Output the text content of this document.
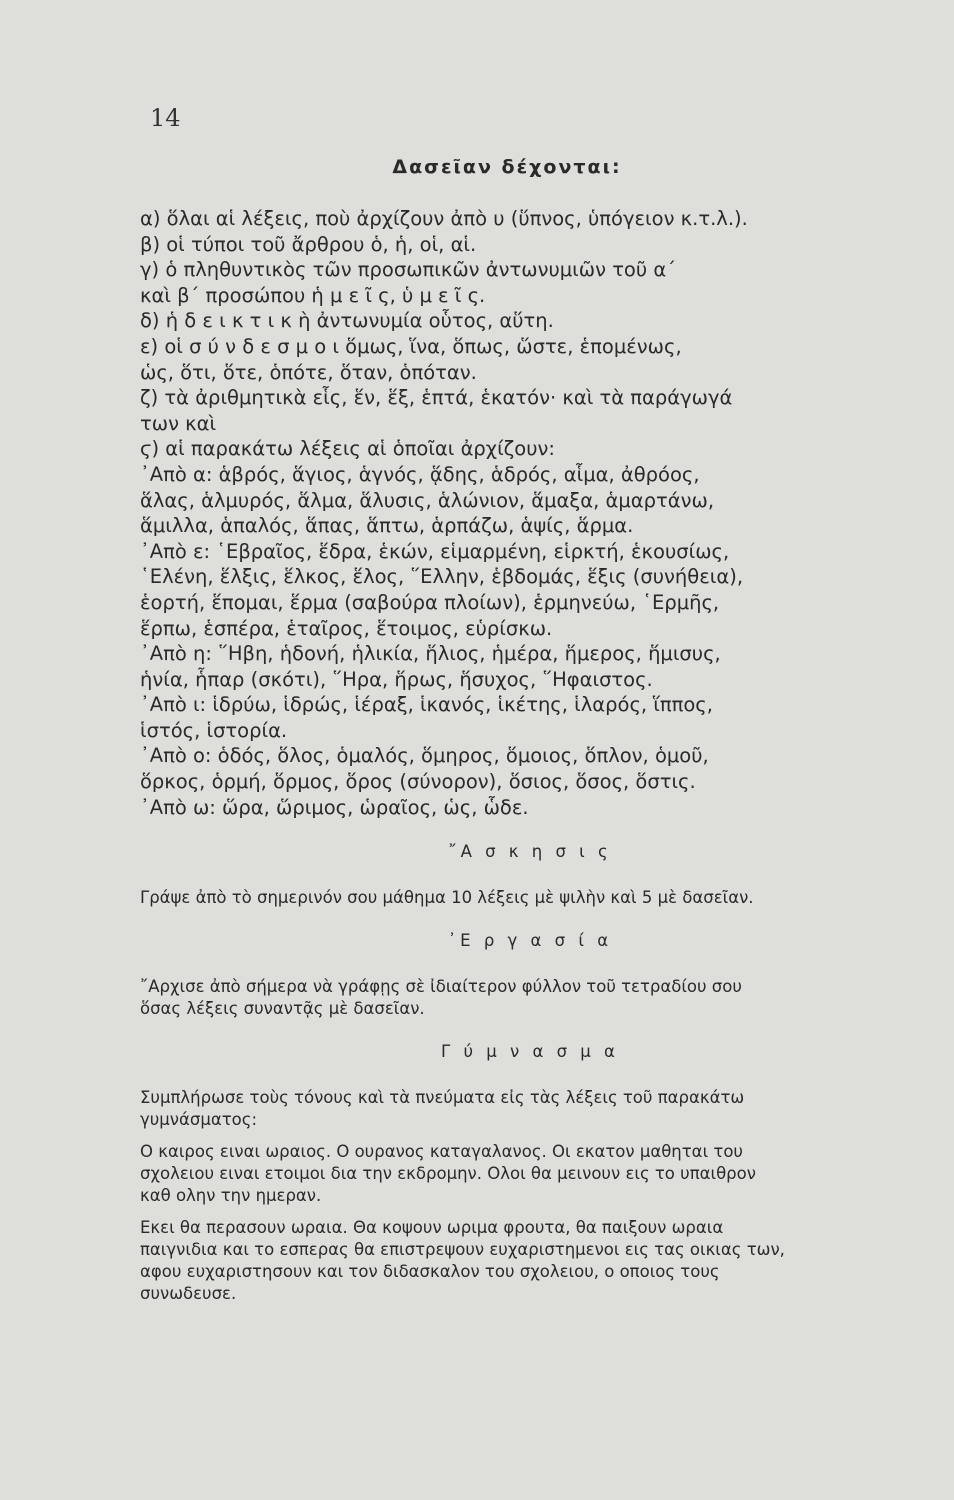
14
Δασεῖαν δέχονται:
α) ὅλαι αἱ λέξεις, ποὺ ἀρχίζουν ἀπὸ υ (ὕπνος, ὑπόγειον κ.τ.λ.).
β) οἱ τύποι τοῦ ἄρθρου ὁ, ἡ, οἱ, αἱ.
γ) ὁ πληθυντικὸς τῶν προσωπικῶν ἀντωνυμιῶν τοῦ α΄
καὶ β΄ προσώπου ἡ μ ε ῖ ς, ὑ μ ε ῖ ς.
δ) ἡ δ ε ι κ τ ι κ ὴ ἀντωνυμία οὗτος, αὕτη.
ε) οἱ σ ύ ν δ ε σ μ ο ι ὅμως, ἵνα, ὅπως, ὥστε, ἑπομένως,
ὡς, ὅτι, ὅτε, ὁπότε, ὅταν, ὁπόταν.
ζ) τὰ ἀριθμητικὰ εἷς, ἕν, ἕξ, ἑπτά, ἑκατόν· καὶ τὰ παράγωγά
των καὶ
ϛ) αἱ παρακάτω λέξεις αἱ ὁποῖαι ἀρχίζουν:
᾽Απὸ α: ἁβρός, ἅγιος, ἁγνός, ᾅδης, ἁδρός, αἷμα, ἀθρόος,
ἅλας, ἁλμυρός, ἅλμα, ἅλυσις, ἁλώνιον, ἅμαξα, ἁμαρτάνω,
ἅμιλλα, ἁπαλός, ἅπας, ἅπτω, ἁρπάζω, ἁψίς, ἅρμα.
᾽Απὸ ε: ῾Εβραῖος, ἕδρα, ἑκών, εἱμαρμένη, εἱρκτή, ἑκουσίως,
῾Ελένη, ἕλξις, ἕλκος, ἕλος, ῞Ελλην, ἑβδομάς, ἕξις (συνήθεια),
ἑορτή, ἕπομαι, ἕρμα (σαβούρα πλοίων), ἑρμηνεύω, ῾Ερμῆς,
ἕρπω, ἑσπέρα, ἑταῖρος, ἕτοιμος, εὑρίσκω.
᾽Απὸ η: ῞Ηβη, ἡδονή, ἡλικία, ἥλιος, ἡμέρα, ἥμερος, ἥμισυς,
ἡνία, ἧπαρ (σκότι), ῞Ηρα, ἥρως, ἥσυχος, ῞Ηφαιστος.
᾽Απὸ ι: ἱδρύω, ἱδρώς, ἱέραξ, ἱκανός, ἱκέτης, ἱλαρός, ἵππος,
ἱστός, ἱστορία.
᾽Απὸ ο: ὁδός, ὅλος, ὁμαλός, ὅμηρος, ὅμοιος, ὅπλον, ὁμοῦ,
ὅρκος, ὁρμή, ὅρμος, ὅρος (σύνορον), ὅσιος, ὅσος, ὅστις.
᾽Απὸ ω: ὥρα, ὥριμος, ὡραῖος, ὡς, ὧδε.
῎Α σ κ η σ ι ς
Γράψε ἀπὸ τὸ σημερινόν σου μάθημα 10 λέξεις μὲ ψιλὴν καὶ 5 μὲ δασεῖαν.
᾽Ε ρ γ α σ ί α
῎Αρχισε ἀπὸ σήμερα νὰ γράφῃς σὲ ἰδιαίτερον φύλλον τοῦ τετραδίου σου
ὅσας λέξεις συναντᾷς μὲ δασεῖαν.
Γ ύ μ ν α σ μ α
Συμπλήρωσε τοὺς τόνους καὶ τὰ πνεύματα εἰς τὰς λέξεις τοῦ παρακάτω
γυμνάσματος:
Ο καιρος ειναι ωραιος. Ο ουρανος καταγαλανος. Οι εκατον μαθηται του
σχολειου ειναι ετοιμοι δια την εκδρομην. Ολοι θα μεινουν εις το υπαιθρον
καθ ολην την ημεραν.
Εκει θα περασουν ωραια. Θα κοψουν ωριμα φρουτα, θα παιξουν ωραια
παιγνιδια και το εσπερας θα επιστρεψουν ευχαριστημενοι εις τας οικιας των,
αφου ευχαριστησουν και τον διδασκαλον του σχολειου, ο οποιος τους
συνωδευσε.
